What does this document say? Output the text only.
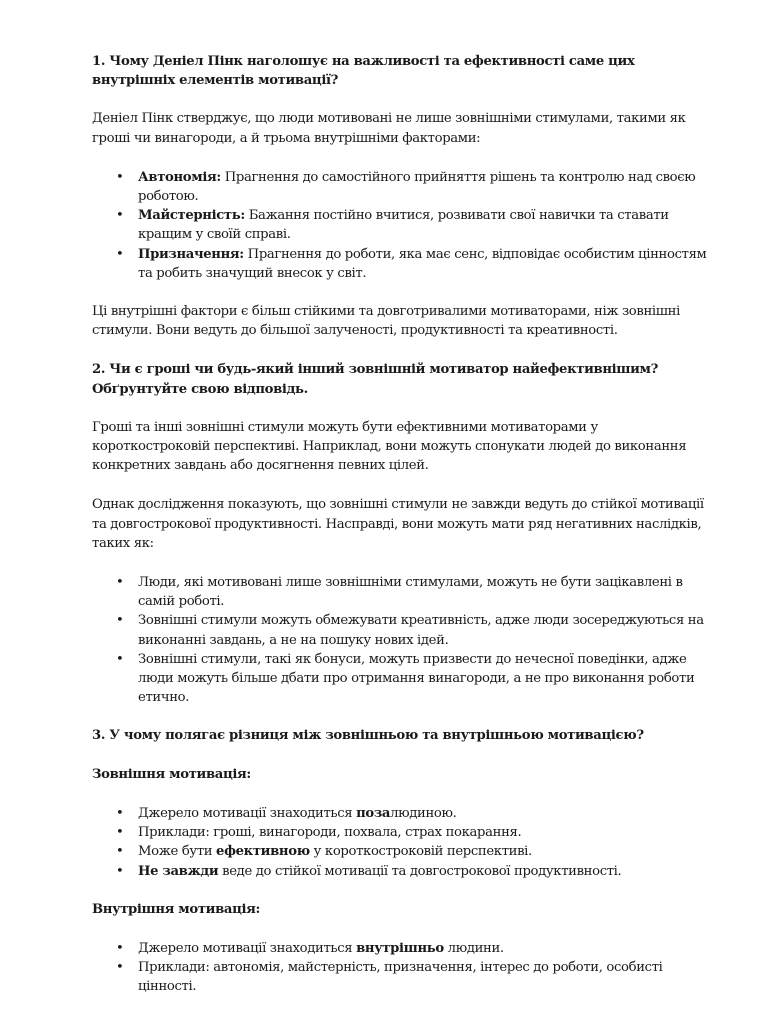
1. Чому Деніел Пінк наголошує на важливості та ефективності саме цих внутрішніх елементів мотивації?

Деніел Пінк стверджує, що люди мотивовані не лише зовнішніми стимулами, такими як гроші чи винагороди, а й трьома внутрішніми факторами:

• Автономія: Прагнення до самостійного прийняття рішень та контролю над своєю роботою.
• Майстерність: Бажання постійно вчитися, розвивати свої навички та ставати кращим у своїй справі.
• Призначення: Прагнення до роботи, яка має сенс, відповідає особистим цінностям та робить значущий внесок у світ.

Ці внутрішні фактори є більш стійкими та довготривалими мотиваторами, ніж зовнішні стимули. Вони ведуть до більшої залученості, продуктивності та креативності.

2. Чи є гроші чи будь-який інший зовнішній мотиватор найефективнішим? Обґрунтуйте свою відповідь.

Гроші та інші зовнішні стимули можуть бути ефективними мотиваторами у короткостроковій перспективі. Наприклад, вони можуть спонукати людей до виконання конкретних завдань або досягнення певних цілей.

Однак дослідження показують, що зовнішні стимули не завжди ведуть до стійкої мотивації та довгострокової продуктивності. Насправді, вони можуть мати ряд негативних наслідків, таких як:

• Люди, які мотивовані лише зовнішніми стимулами, можуть не бути зацікавлені в самій роботі.
• Зовнішні стимули можуть обмежувати креативність, адже люди зосереджуються на виконанні завдань, а не на пошуку нових ідей.
• Зовнішні стимули, такі як бонуси, можуть призвести до нечесної поведінки, адже люди можуть більше дбати про отримання винагороди, а не про виконання роботи етично.

3. У чому полягає різниця між зовнішньою та внутрішньою мотивацією?

Зовнішня мотивація:

• Джерело мотивації знаходиться позалюдиною.
• Приклади: гроші, винагороди, похвала, страх покарання.
• Може бути ефективною у короткостроковій перспективі.
• Не завжди веде до стійкої мотивації та довгострокової продуктивності.

Внутрішня мотивація:

• Джерело мотивації знаходиться внутрішньо людини.
• Приклади: автономія, майстерність, призначення, інтерес до роботи, особисті цінності.
